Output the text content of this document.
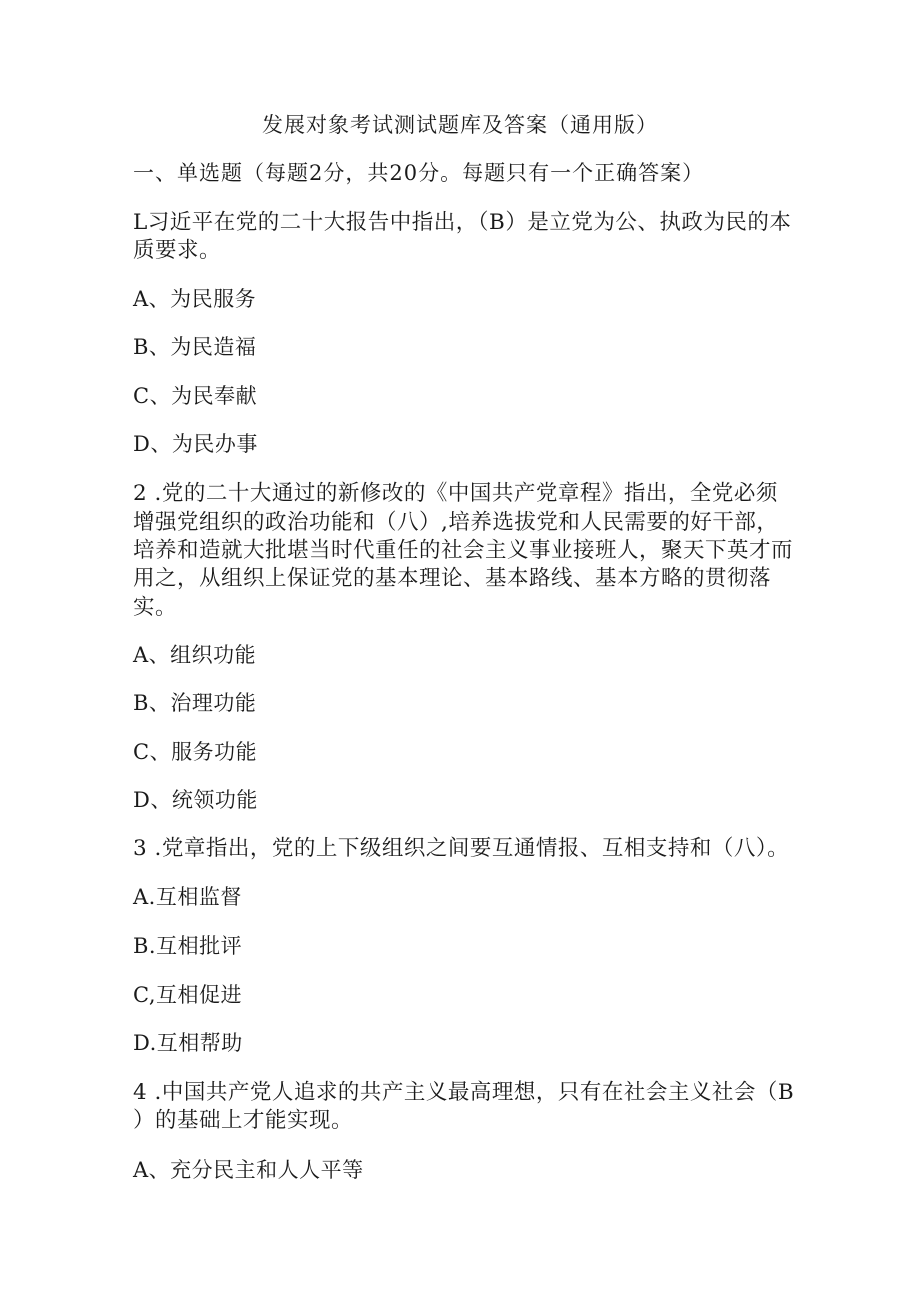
发展对象考试测试题库及答案（通用版）
一、单选题（每题2分，共20分。每题只有一个正确答案）
L习近平在党的二十大报告中指出，（B）是立党为公、执政为民的本
质要求。
A、为民服务
B、为民造福
C、为民奉献
D、为民办事
2 .党的二十大通过的新修改的《中国共产党章程》指出，全党必须
增强党组织的政治功能和（八）,培养选拔党和人民需要的好干部，
培养和造就大批堪当时代重任的社会主义事业接班人，聚天下英才而
用之，从组织上保证党的基本理论、基本路线、基本方略的贯彻落
实。
A、组织功能
B、治理功能
C、服务功能
D、统领功能
3 .党章指出，党的上下级组织之间要互通情报、互相支持和（八）。
A.互相监督
B.互相批评
C,互相促进
D.互相帮助
4 .中国共产党人追求的共产主义最高理想，只有在社会主义社会（B
）的基础上才能实现。
A、充分民主和人人平等
